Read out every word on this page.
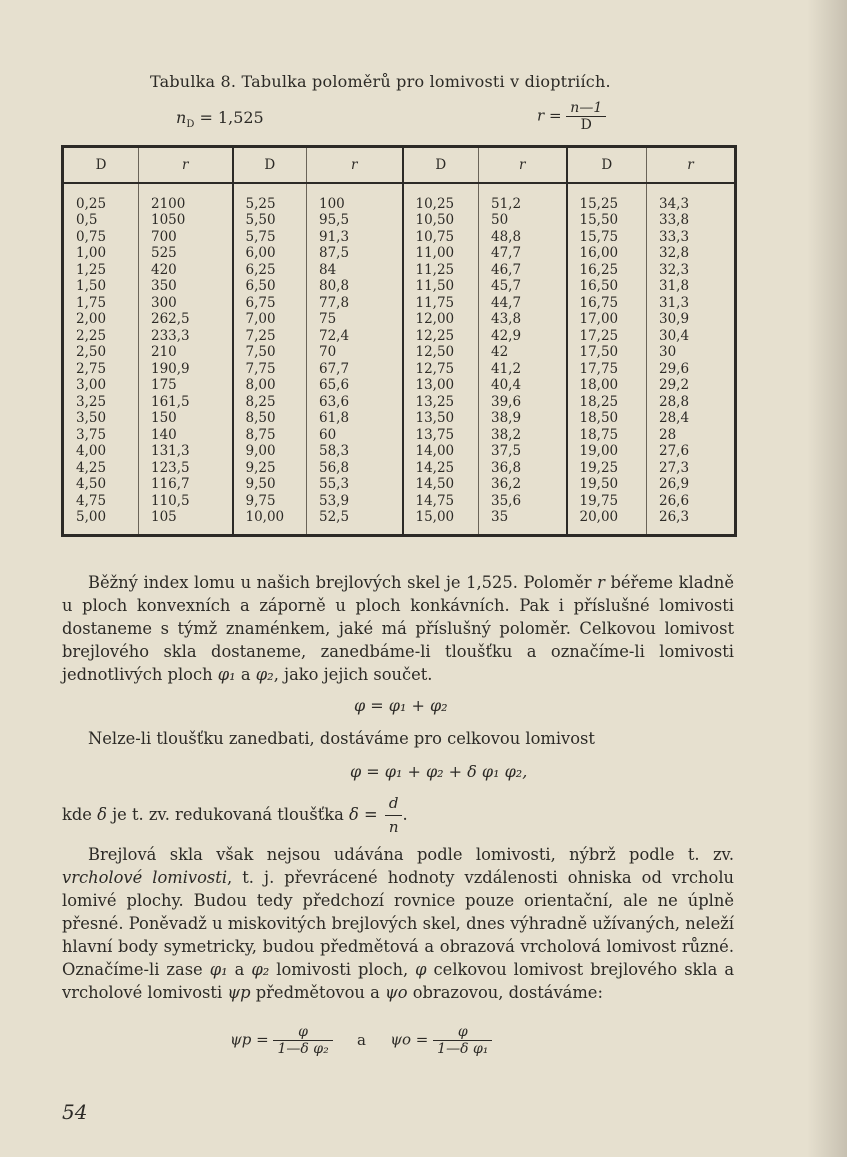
Tabulka 8. Tabulka poloměrů pro lomivosti v dioptriích.
$n_D = 1,525$	$r = \frac{n—1}{D}$
D	r	D	r	D	r	D	r
0,25	2100	5,25	100	10,25	51,2	15,25	34,3
0,5	1050	5,50	95,5	10,50	50	15,50	33,8
0,75	700	5,75	91,3	10,75	48,8	15,75	33,3
1,00	525	6,00	87,5	11,00	47,7	16,00	32,8
1,25	420	6,25	84	11,25	46,7	16,25	32,3
1,50	350	6,50	80,8	11,50	45,7	16,50	31,8
1,75	300	6,75	77,8	11,75	44,7	16,75	31,3
2,00	262,5	7,00	75	12,00	43,8	17,00	30,9
2,25	233,3	7,25	72,4	12,25	42,9	17,25	30,4
2,50	210	7,50	70	12,50	42	17,50	30
2,75	190,9	7,75	67,7	12,75	41,2	17,75	29,6
3,00	175	8,00	65,6	13,00	40,4	18,00	29,2
3,25	161,5	8,25	63,6	13,25	39,6	18,25	28,8
3,50	150	8,50	61,8	13,50	38,9	18,50	28,4
3,75	140	8,75	60	13,75	38,2	18,75	28
4,00	131,3	9,00	58,3	14,00	37,5	19,00	27,6
4,25	123,5	9,25	56,8	14,25	36,8	19,25	27,3
4,50	116,7	9,50	55,3	14,50	36,2	19,50	26,9
4,75	110,5	9,75	53,9	14,75	35,6	19,75	26,6
5,00	105	10,00	52,5	15,00	35	20,00	26,3
Běžný index lomu u našich brejlových skel je 1,525. Poloměr r béřeme kladně u ploch konvexních a záporně u ploch konkávních. Pak i příslušné lomivosti dostaneme s týmž znaménkem, jaké má příslušný poloměr. Celkovou lomivost brejlového skla dostaneme, zanedbáme-li tloušťku a označíme-li lomivosti jednotlivých ploch φ₁ a φ₂, jako jejich součet.
φ = φ₁ + φ₂
Nelze-li tloušťku zanedbati, dostáváme pro celkovou lomivost
φ = φ₁ + φ₂ + δ φ₁ φ₂,
kde δ je t. zv. redukovaná tloušťka $\delta = \frac{d}{n}$ .
Brejlová skla však nejsou udávána podle lomivosti, nýbrž podle t. zv. vrcholové lomivosti, t. j. převrácené hodnoty vzdálenosti ohniska od vrcholu lomivé plochy. Budou tedy předchozí rovnice pouze orientační, ale ne úplně přesné. Poněvadž u miskovitých brejlových skel, dnes výhradně užívaných, neleží hlavní body symetricky, budou předmětová a obrazová vrcholová lomivost různé. Označíme-li zase φ₁ a φ₂ lomivosti ploch, φ celkovou lomivost brejlového skla a vrcholové lomivosti ψp předmětovou a ψo obrazovou, dostáváme:
$\psi p = \frac{\varphi}{\text{1—δ φ₂}}$ a $\psi o = \frac{\varphi}{\text{1—δ φ₁}}$
54
